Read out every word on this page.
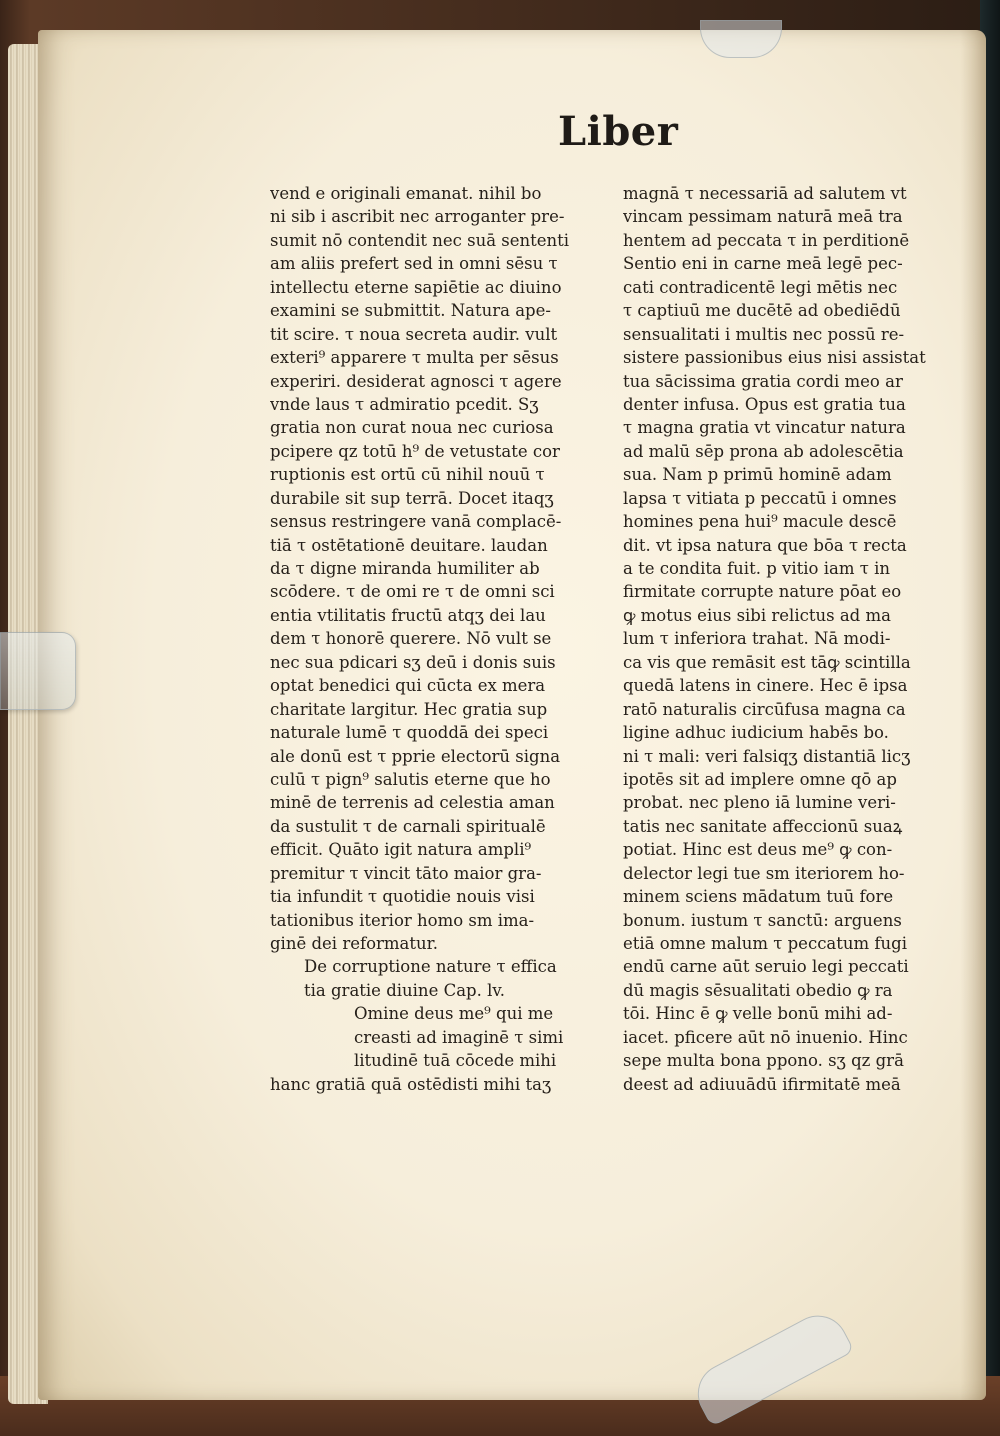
Liber
vend e originali emanat. nihil bo
ni sib i ascribit nec arroganter pre-
sumit nō contendit nec suā sententi
am aliis prefert sed in omni sēsu τ
intellectu eterne sapiētie ac diuino
examini se submittit. Natura ape-
tit scire. τ noua secreta audir. vult
exteri⁹ apparere τ multa per sēsus
experiri. desiderat agnosci τ agere
vnde laus τ admiratio pcedit. Sʒ
gratia non curat noua nec curiosa
pcipere qz totū h⁹ de vetustate cor
ruptionis est ortū cū nihil nouū τ
durabile sit sup terrā. Docet itaqʒ
sensus restringere vanā complacē-
tiā τ ostētationē deuitare. laudan
da τ digne miranda humiliter ab
scōdere. τ de omi re τ de omni sci
entia vtilitatis fructū atqʒ dei lau
dem τ honorē querere. Nō vult se
nec sua pdicari sʒ deū i donis suis
optat benedici qui cūcta ex mera
charitate largitur. Hec gratia sup
naturale lumē τ quoddā dei speci
ale donū est τ pprie electorū signa
culū τ pign⁹ salutis eterne que ho
minē de terrenis ad celestia aman
da sustulit τ de carnali spiritualē
efficit. Quāto igit natura ampli⁹
premitur τ vincit tāto maior gra-
tia infundit τ quotidie nouis visi
tationibus iterior homo sm ima-
ginē dei reformatur.
De corruptione nature τ effica
tia gratie diuine Cap. lv.
Omine deus me⁹ qui me
creasti ad imaginē τ simi
litudinē tuā cōcede mihi
hanc gratiā quā ostēdisti mihi taʒ
magnā τ necessariā ad salutem vt
vincam pessimam naturā meā tra
hentem ad peccata τ in perditionē
Sentio eni in carne meā legē pec-
cati contradicentē legi mētis nec
τ captiuū me ducētē ad obediēdū
sensualitati i multis nec possū re-
sistere passionibus eius nisi assistat
tua sācissima gratia cordi meo ar
denter infusa. Opus est gratia tua
τ magna gratia vt vincatur natura
ad malū sēp prona ab adolescētia
sua. Nam p primū hominē adam
lapsa τ vitiata p peccatū i omnes
homines pena hui⁹ macule descē
dit. vt ipsa natura que bōa τ recta
a te condita fuit. p vitio iam τ in
firmitate corrupte nature pōat eo
ꝙ motus eius sibi relictus ad ma
lum τ inferiora trahat. Nā modi-
ca vis que remāsit est tāꝙ scintilla
quedā latens in cinere. Hec ē ipsa
ratō naturalis circūfusa magna ca
ligine adhuc iudicium habēs bo.
ni τ mali: veri falsiqʒ distantiā licʒ
ipotēs sit ad implere omne qō ap
probat. nec pleno iā lumine veri-
tatis nec sanitate affeccionū suaꝝ
potiat. Hinc est deus me⁹ ꝙ con-
delector legi tue sm iteriorem ho-
minem sciens mādatum tuū fore
bonum. iustum τ sanctū: arguens
etiā omne malum τ peccatum fugi
endū carne aūt seruio legi peccati
dū magis sēsualitati obedio ꝙ ra
tōi. Hinc ē ꝙ velle bonū mihi ad-
iacet. pficere aūt nō inuenio. Hinc
sepe multa bona ppono. sʒ qz grā
deest ad adiuuādū ifirmitatē meā
